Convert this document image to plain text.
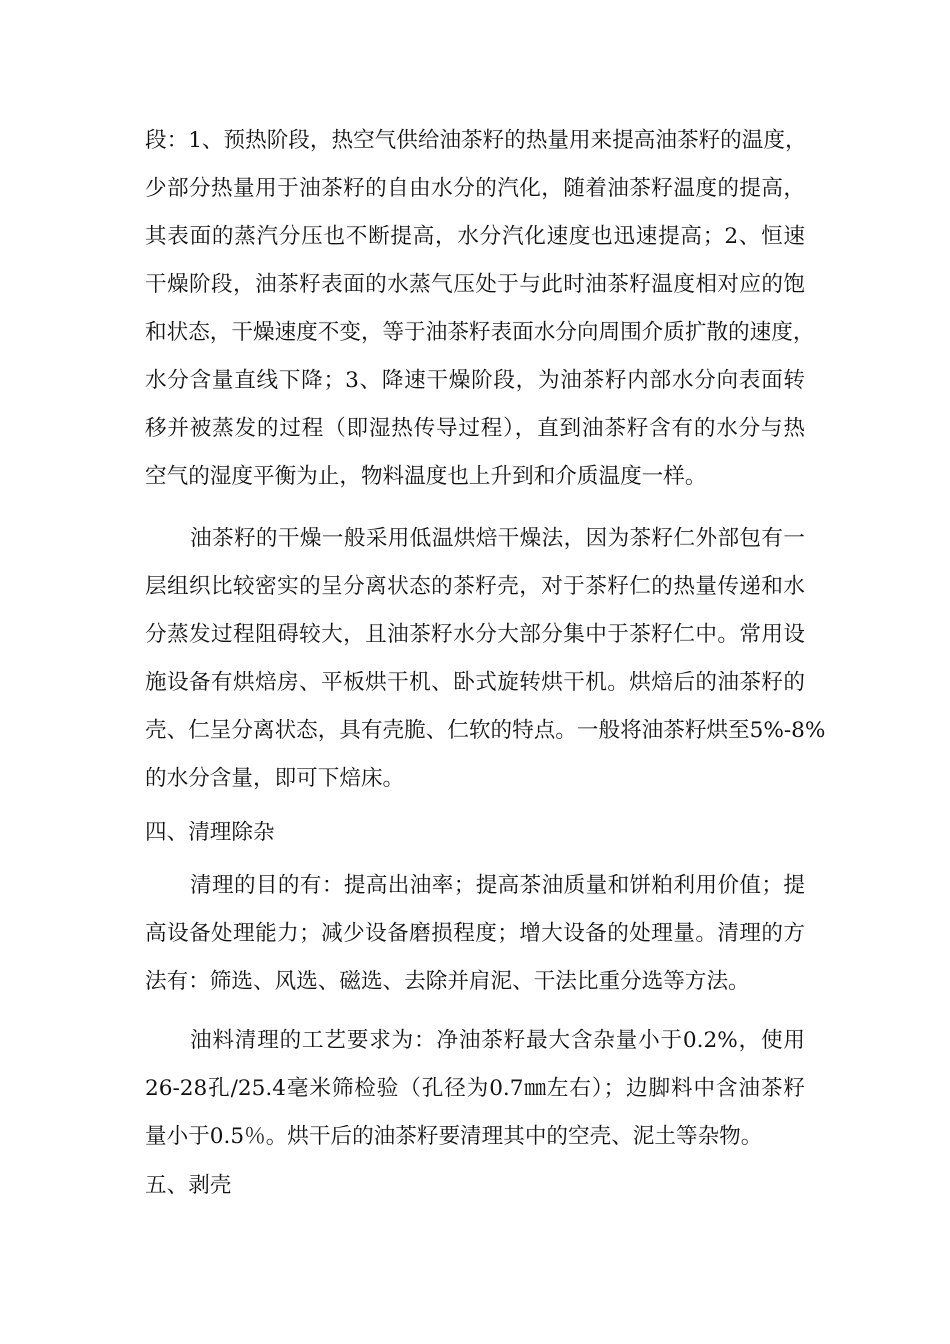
段：1、预热阶段，热空气供给油茶籽的热量用来提高油茶籽的温度，
少部分热量用于油茶籽的自由水分的汽化，随着油茶籽温度的提高，
其表面的蒸汽分压也不断提高，水分汽化速度也迅速提高；2、恒速
干燥阶段，油茶籽表面的水蒸气压处于与此时油茶籽温度相对应的饱
和状态，干燥速度不变，等于油茶籽表面水分向周围介质扩散的速度，
水分含量直线下降；3、降速干燥阶段，为油茶籽内部水分向表面转
移并被蒸发的过程（即湿热传导过程），直到油茶籽含有的水分与热
空气的湿度平衡为止，物料温度也上升到和介质温度一样。
油茶籽的干燥一般采用低温烘焙干燥法，因为茶籽仁外部包有一
层组织比较密实的呈分离状态的茶籽壳，对于茶籽仁的热量传递和水
分蒸发过程阻碍较大，且油茶籽水分大部分集中于茶籽仁中。常用设
施设备有烘焙房、平板烘干机、卧式旋转烘干机。烘焙后的油茶籽的
壳、仁呈分离状态，具有壳脆、仁软的特点。一般将油茶籽烘至5%-8%
的水分含量，即可下焙床。
四、清理除杂
清理的目的有：提高出油率；提高茶油质量和饼粕利用价值；提
高设备处理能力；减少设备磨损程度；增大设备的处理量。清理的方
法有：筛选、风选、磁选、去除并肩泥、干法比重分选等方法。
油料清理的工艺要求为：净油茶籽最大含杂量小于0.2%，使用
26-28孔/25.4毫米筛检验（孔径为0.7㎜左右）；边脚料中含油茶籽
量小于0.5％。烘干后的油茶籽要清理其中的空壳、泥土等杂物。
五、剥壳
